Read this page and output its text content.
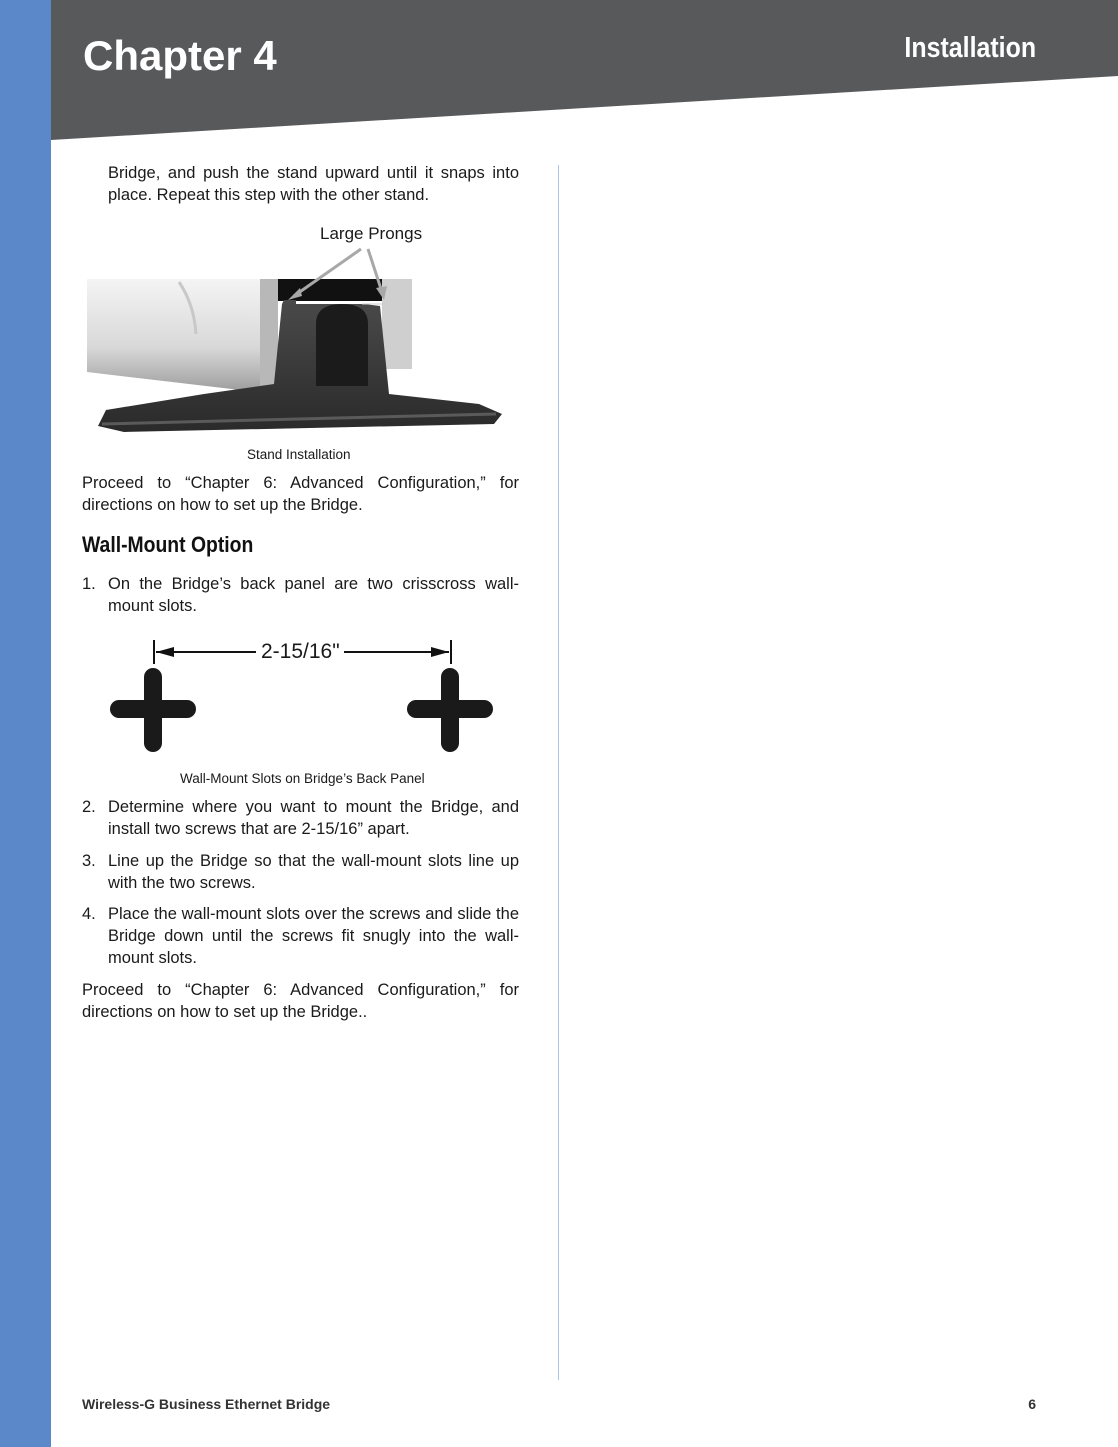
Chapter 4	Installation

Bridge, and push the stand upward until it snaps into place. Repeat this step with the other stand.

Large Prongs
Stand Installation

Proceed to “Chapter 6: Advanced Configuration,” for directions on how to set up the Bridge.

Wall-Mount Option
1. On the Bridge’s back panel are two crisscross wall-mount slots.

2-15/16"
Wall-Mount Slots on Bridge’s Back Panel
2. Determine where you want to mount the Bridge, and install two screws that are 2-15/16” apart.

3. Line up the Bridge so that the wall-mount slots line up with the two screws.

4. Place the wall-mount slots over the screws and slide the Bridge down until the screws fit snugly into the wall-mount slots.

Proceed to “Chapter 6: Advanced Configuration,” for directions on how to set up the Bridge..

Wireless-G Business Ethernet Bridge	6
